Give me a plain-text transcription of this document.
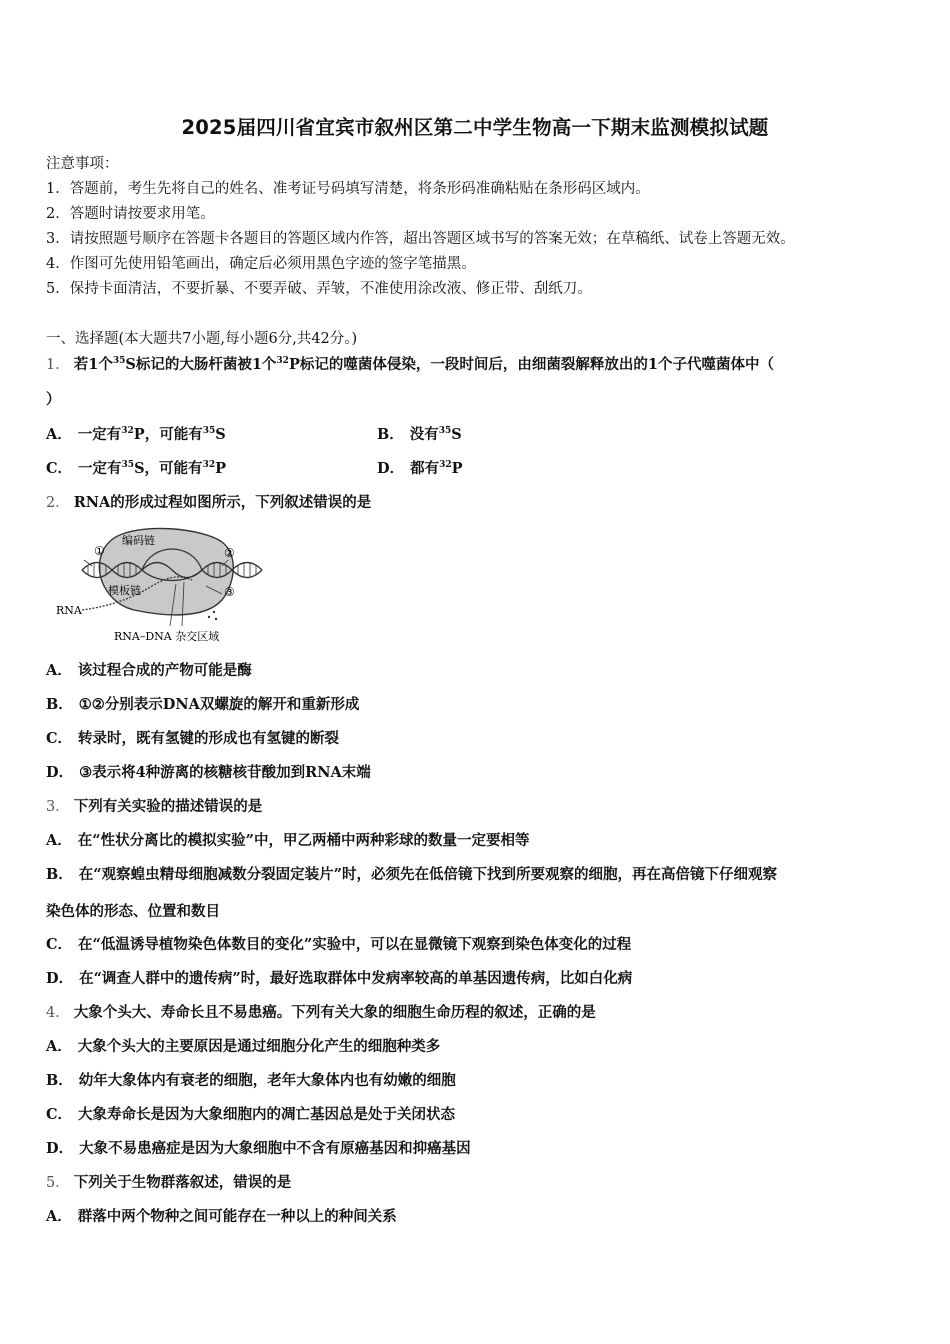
2025届四川省宜宾市叙州区第二中学生物高一下期末监测模拟试题
注意事项：
1．答题前，考生先将自己的姓名、准考证号码填写清楚，将条形码准确粘贴在条形码区域内。
2．答题时请按要求用笔。
3．请按照题号顺序在答题卡各题目的答题区域内作答，超出答题区域书写的答案无效；在草稿纸、试卷上答题无效。
4．作图可先使用铅笔画出，确定后必须用黑色字迹的签字笔描黑。
5．保持卡面清洁，不要折暴、不要弄破、弄皱，不准使用涂改液、修正带、刮纸刀。
一、选择题(本大题共7小题,每小题6分,共42分。)
1． 若1个$^{35}$S标记的大肠杆菌被1个$^{32}$P标记的噬菌体侵染，一段时间后，由细菌裂解释放出的1个子代噬菌体中（
）
A． 一定有$^{32}$P，可能有$^{35}$S	B． 没有$^{35}$S
C． 一定有$^{35}$S，可能有$^{32}$P	D． 都有$^{32}$P
2． RNA的形成过程如图所示，下列叙述错误的是
①	②
③
编码链
模板链
RNA
RNA–DNA 杂交区域
A． 该过程合成的产物可能是酶
B． ①②分别表示DNA双螺旋的解开和重新形成
C． 转录时，既有氢键的形成也有氢键的断裂
D． ③表示将4种游离的核糖核苷酸加到RNA末端
3． 下列有关实验的描述错误的是
A． 在“性状分离比的模拟实验”中，甲乙两桶中两种彩球的数量一定要相等
B． 在“观察蝗虫精母细胞减数分裂固定装片”时，必须先在低倍镜下找到所要观察的细胞，再在高倍镜下仔细观察
染色体的形态、位置和数目
C． 在“低温诱导植物染色体数目的变化”实验中，可以在显微镜下观察到染色体变化的过程
D． 在“调查人群中的遗传病”时，最好选取群体中发病率较高的单基因遗传病，比如白化病
4． 大象个头大、寿命长且不易患癌。下列有关大象的细胞生命历程的叙述，正确的是
A． 大象个头大的主要原因是通过细胞分化产生的细胞种类多
B． 幼年大象体内有衰老的细胞，老年大象体内也有幼嫩的细胞
C． 大象寿命长是因为大象细胞内的凋亡基因总是处于关闭状态
D． 大象不易患癌症是因为大象细胞中不含有原癌基因和抑癌基因
5． 下列关于生物群落叙述，错误的是
A． 群落中两个物种之间可能存在一种以上的种间关系
